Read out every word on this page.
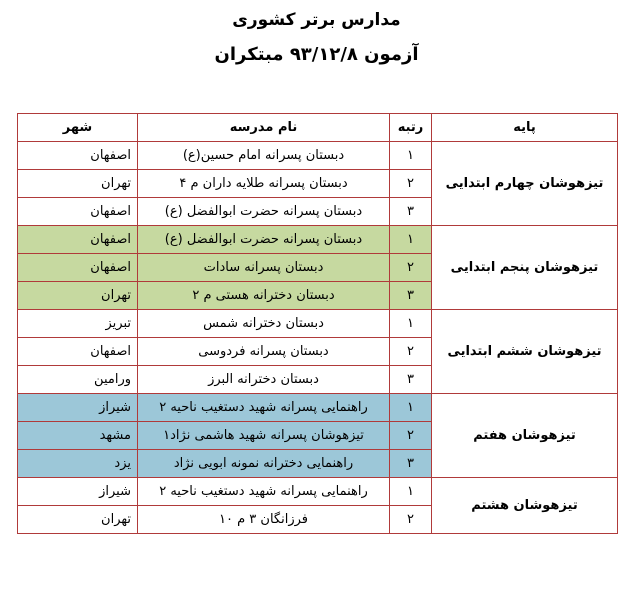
مدارس برتر کشوری
آزمون ۹۳/۱۲/۸ مبتکران
پایه	رتبه	نام مدرسه	شهر
تیزهوشان چهارم ابتدایی	۱	دبستان پسرانه امام حسین(ع)	اصفهان
	۲	دبستان پسرانه طلایه داران م ۴	تهران
	۳	دبستان پسرانه حضرت ابوالفضل (ع)	اصفهان
تیزهوشان پنجم ابتدایی	۱	دبستان پسرانه حضرت ابوالفضل (ع)	اصفهان
	۲	دبستان پسرانه سادات	اصفهان
	۳	دبستان دخترانه هستی م ۲	تهران
تیزهوشان ششم ابتدایی	۱	دبستان دخترانه شمس	تبریز
	۲	دبستان پسرانه فردوسی	اصفهان
	۳	دبستان دخترانه البرز	ورامین
تیزهوشان هفتم	۱	راهنمایی پسرانه شهید دستغیب ناحیه ۲	شیراز
	۲	تیزهوشان پسرانه شهید هاشمی نژاد۱	مشهد
	۳	راهنمایی دخترانه نمونه ابویی نژاد	یزد
تیزهوشان هشتم	۱	راهنمایی پسرانه شهید دستغیب ناحیه ۲	شیراز
	۲	فرزانگان ۳ م ۱۰	تهران
